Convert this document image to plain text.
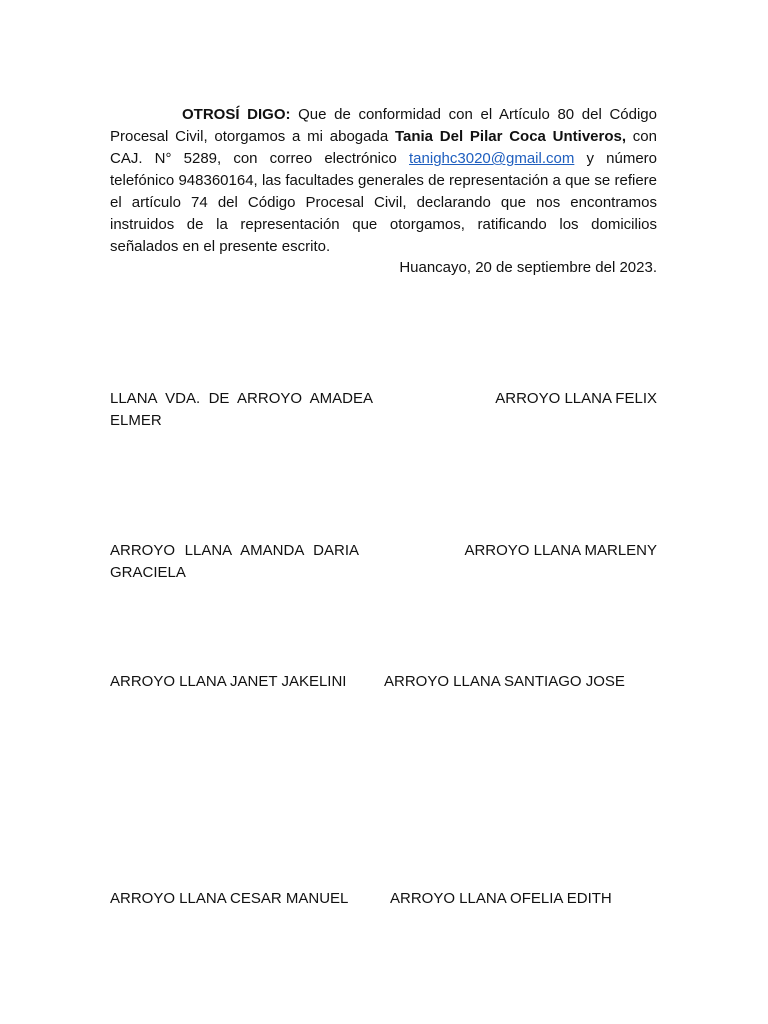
OTROSÍ DIGO: Que de conformidad con el Artículo 80 del Código Procesal Civil, otorgamos a mi abogada Tania Del Pilar Coca Untiveros, con CAJ. N° 5289, con correo electrónico tanighc3020@gmail.com y número telefónico 948360164, las facultades generales de representación a que se refiere el artículo 74 del Código Procesal Civil, declarando que nos encontramos instruidos de la representación que otorgamos, ratificando los domicilios señalados en el presente escrito.

Huancayo, 20 de septiembre del 2023.
LLANA VDA. DE ARROYO AMADEA ELMER
ARROYO LLANA FELIX
ARROYO LLANA AMANDA DARIA GRACIELA
ARROYO LLANA MARLENY
ARROYO LLANA JANET JAKELINI	ARROYO LLANA SANTIAGO JOSE
ARROYO LLANA CESAR MANUEL	ARROYO LLANA OFELIA EDITH
